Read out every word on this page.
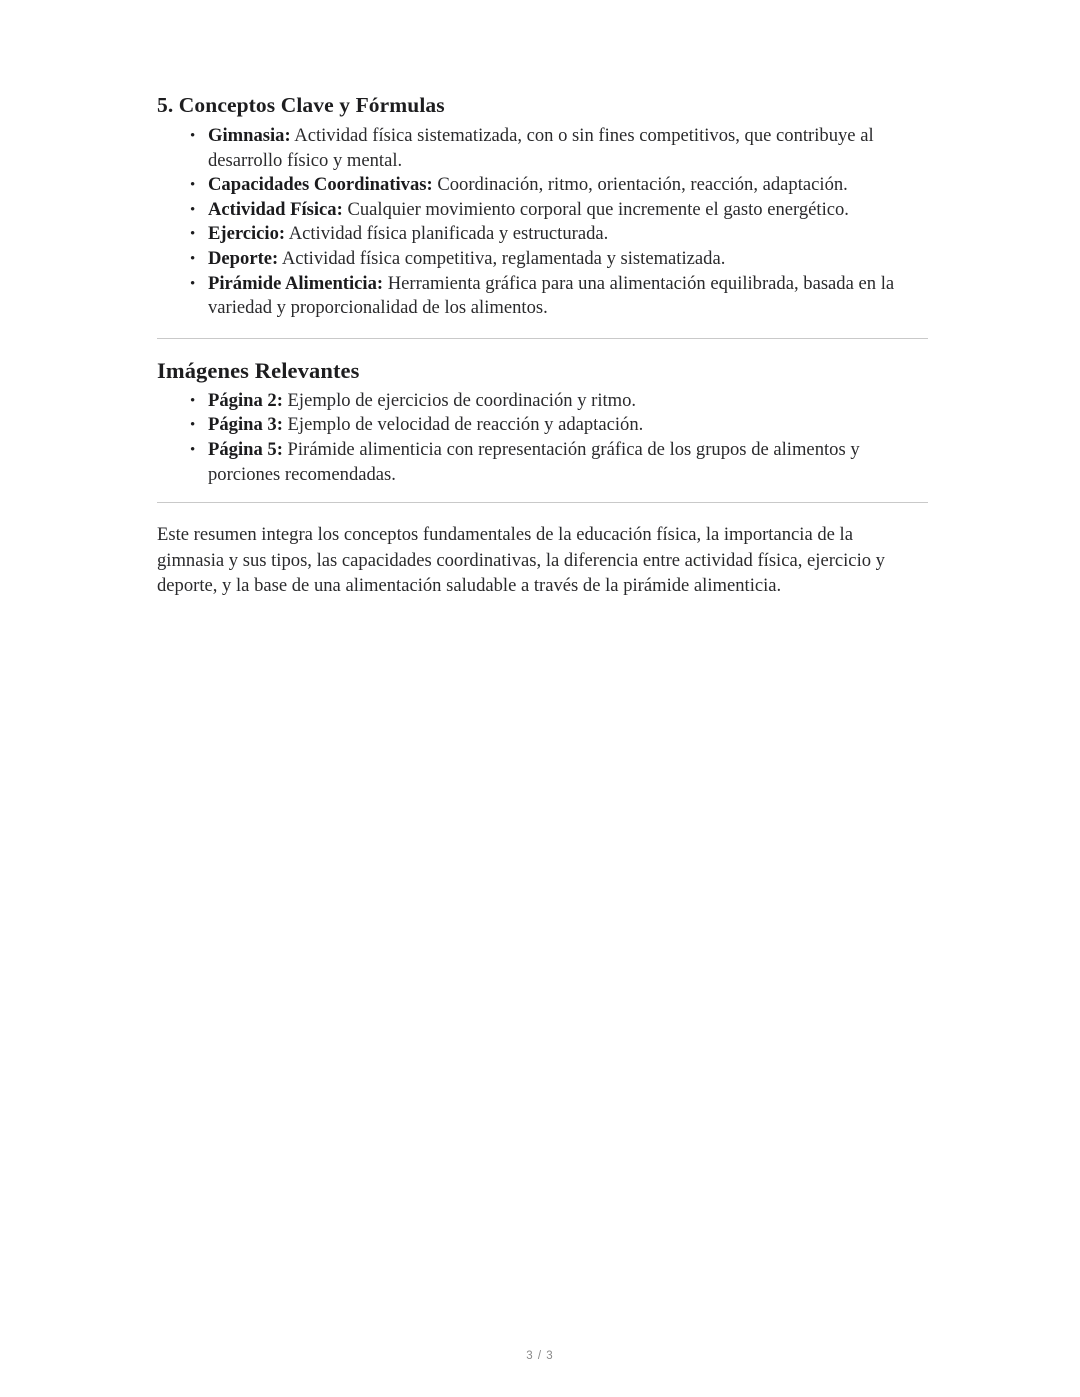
5. Conceptos Clave y Fórmulas
• Gimnasia: Actividad física sistematizada, con o sin fines competitivos, que contribuye al desarrollo físico y mental.
• Capacidades Coordinativas: Coordinación, ritmo, orientación, reacción, adaptación.
• Actividad Física: Cualquier movimiento corporal que incremente el gasto energético.
• Ejercicio: Actividad física planificada y estructurada.
• Deporte: Actividad física competitiva, reglamentada y sistematizada.
• Pirámide Alimenticia: Herramienta gráfica para una alimentación equilibrada, basada en la variedad y proporcionalidad de los alimentos.
Imágenes Relevantes
• Página 2: Ejemplo de ejercicios de coordinación y ritmo.
• Página 3: Ejemplo de velocidad de reacción y adaptación.
• Página 5: Pirámide alimenticia con representación gráfica de los grupos de alimentos y porciones recomendadas.

Este resumen integra los conceptos fundamentales de la educación física, la importancia de la gimnasia y sus tipos, las capacidades coordinativas, la diferencia entre actividad física, ejercicio y deporte, y la base de una alimentación saludable a través de la pirámide alimenticia.

3 / 3
